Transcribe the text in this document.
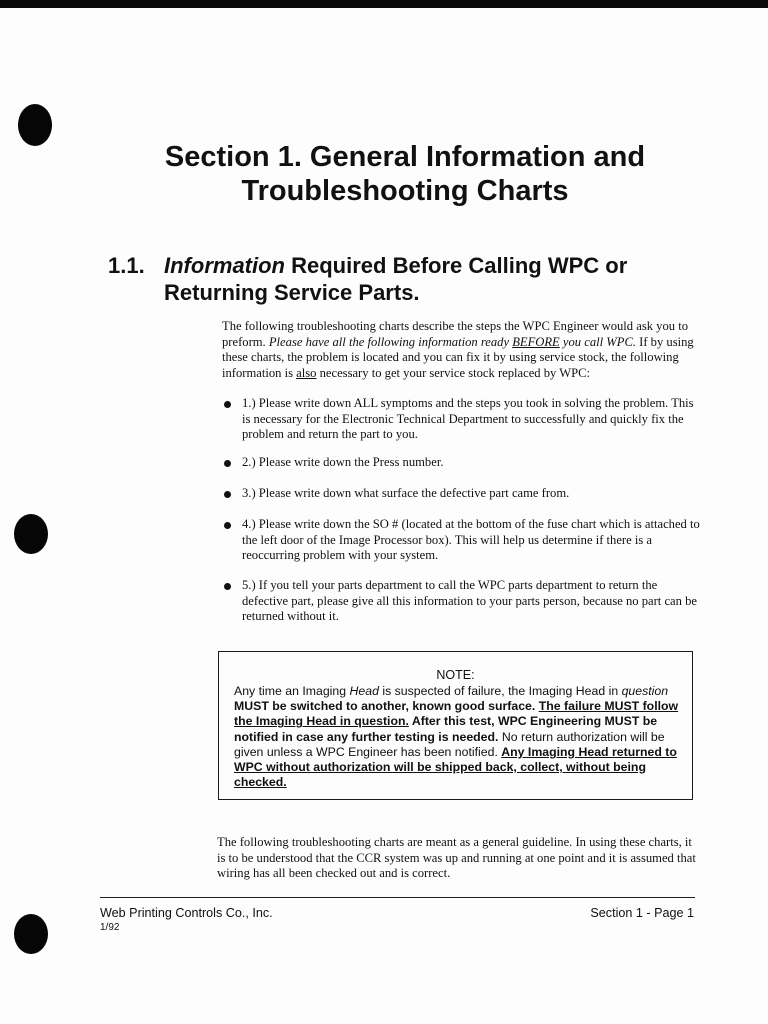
Section 1. General Information and
Troubleshooting Charts
1.1. Information Required Before Calling WPC or
Returning Service Parts.

The following troubleshooting charts describe the steps the WPC Engineer would ask you to preform. Please have all the following information ready BEFORE you call WPC. If by using these charts, the problem is located and you can fix it by using service stock, the following information is also necessary to get your service stock replaced by WPC:

1.) Please write down ALL symptoms and the steps you took in solving the problem. This is necessary for the Electronic Technical Department to successfully and quickly fix the problem and return the part to you.
2.) Please write down the Press number.
3.) Please write down what surface the defective part came from.
4.) Please write down the SO # (located at the bottom of the fuse chart which is attached to the left door of the Image Processor box). This will help us determine if there is a reoccurring problem with your system.
5.) If you tell your parts department to call the WPC parts department to return the defective part, please give all this information to your parts person, because no part can be returned without it.
NOTE:
Any time an Imaging Head is suspected of failure, the Imaging Head in question MUST be switched to another, known good surface. The failure MUST follow the Imaging Head in question. After this test, WPC Engineering MUST be notified in case any further testing is needed. No return authorization will be given unless a WPC Engineer has been notified. Any Imaging Head returned to WPC without authorization will be shipped back, collect, without being checked.

The following troubleshooting charts are meant as a general guideline. In using these charts, it is to be understood that the CCR system was up and running at one point and it is assumed that wiring has all been checked out and is correct.

Web Printing Controls Co., Inc.
1/92
Section 1 - Page 1
